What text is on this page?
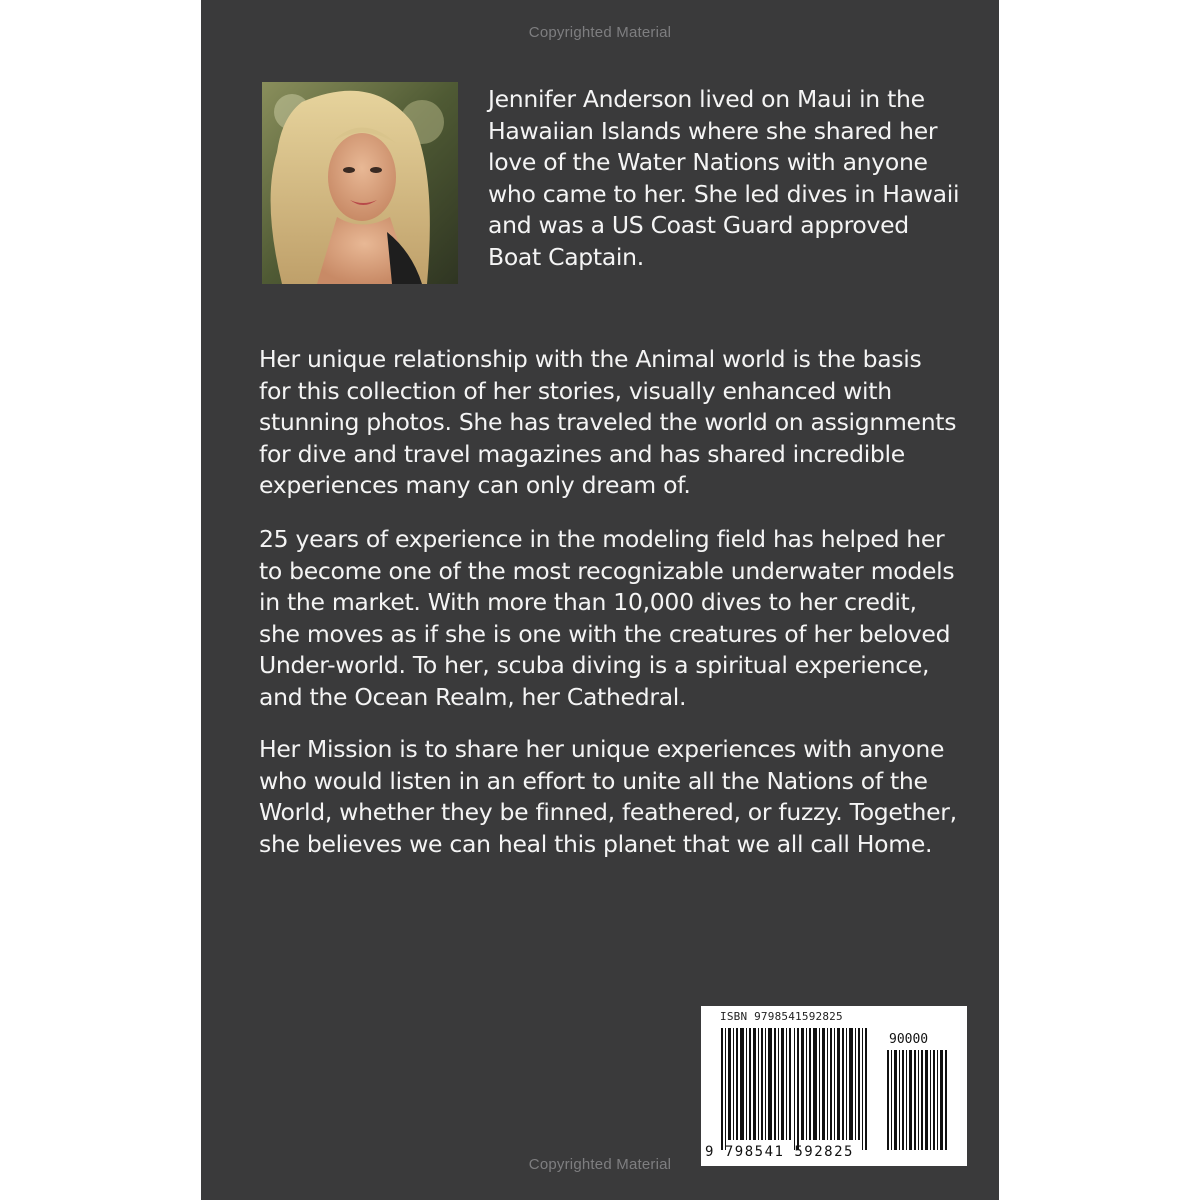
Copyrighted Material
Jennifer Anderson lived on Maui in the Hawaiian Islands where she shared her love of the Water Nations with anyone who came to her. She led dives in Hawaii and was a US Coast Guard approved Boat Captain.

Her unique relationship with the Animal world is the basis for this collection of her stories, visually enhanced with stunning photos. She has traveled the world on assignments for dive and travel magazines and has shared incredible experiences many can only dream of.

25 years of experience in the modeling field has helped her to become one of the most recognizable underwater models in the market. With more than 10,000 dives to her credit, she moves as if she is one with the creatures of her beloved Under-world. To her, scuba diving is a spiritual experience, and the Ocean Realm, her Cathedral.

Her Mission is to share her unique experiences with anyone who would listen in an effort to unite all the Nations of the World, whether they be finned, feathered, or fuzzy. Together, she believes we can heal this planet that we all call Home.

ISBN 9798541592825
90000
9 798541 592825
Copyrighted Material
